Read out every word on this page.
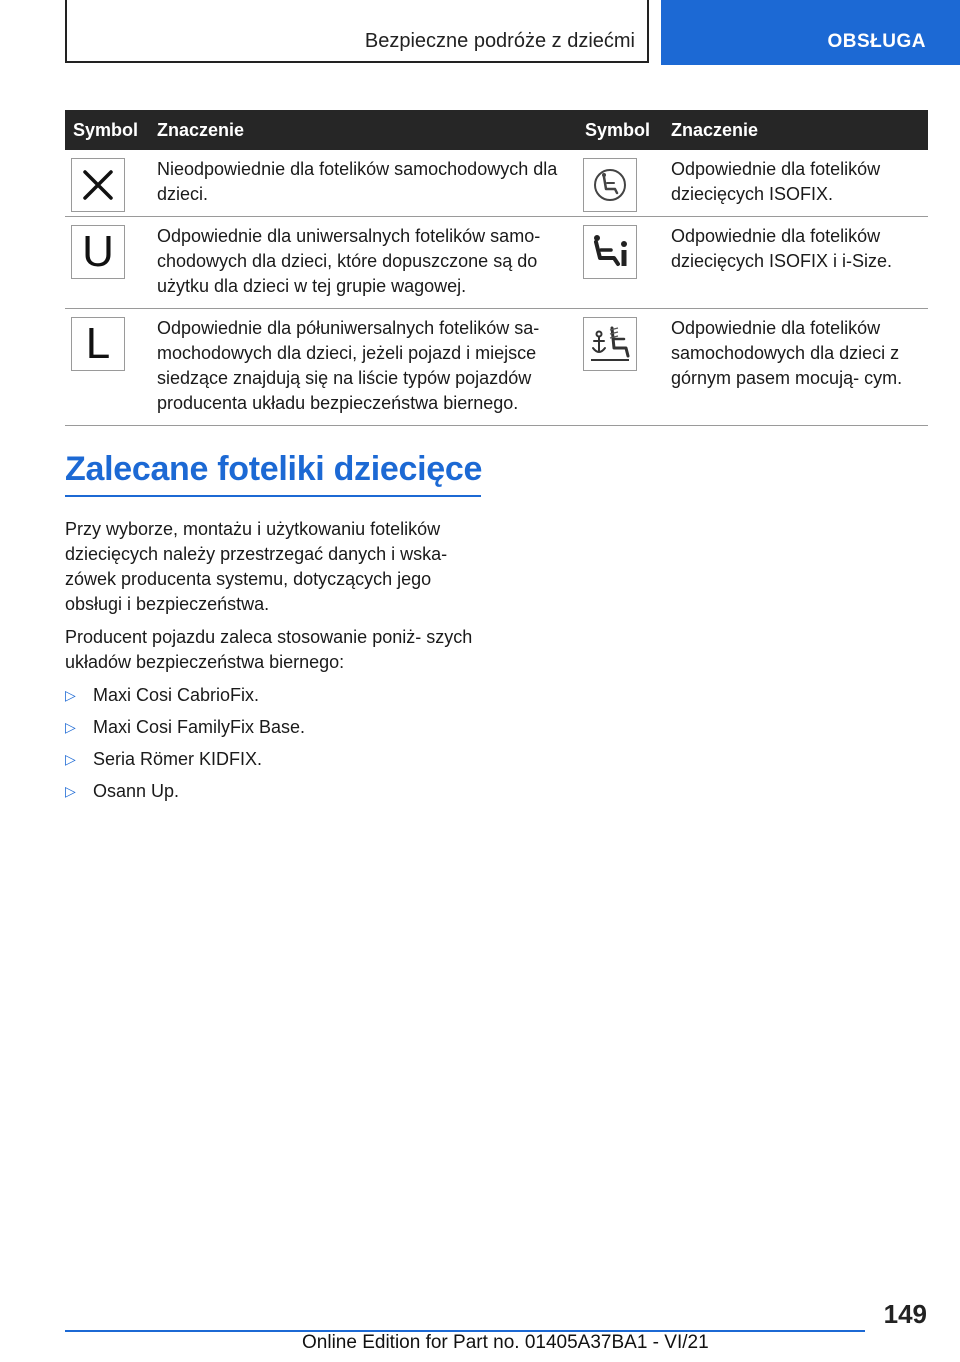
Bezpieczne podróże z dziećmi	OBSŁUGA
Symbol	Znaczenie	Symbol	Znaczenie

	Nieodpowiednie dla fotelików samochodowych dla dzieci.		Odpowiednie dla fotelików dziecięcych ISOFIX.

U	Odpowiednie dla uniwersalnych fotelików samo- chodowych dla dzieci, które dopuszczone są do użytku dla dzieci w tej grupie wagowej.		Odpowiednie dla fotelików dziecięcych ISOFIX i i-Size.

L	Odpowiednie dla półuniwersalnych fotelików sa- mochodowych dla dzieci, jeżeli pojazd i miejsce siedzące znajdują się na liście typów pojazdów producenta układu bezpieczeństwa biernego.		Odpowiednie dla fotelików samochodowych dla dzieci z górnym pasem mocują- cym.
Zalecane foteliki dziecięce

Przy wyborze, montażu i użytkowaniu fotelików dziecięcych należy przestrzegać danych i wska- zówek producenta systemu, dotyczących jego obsługi i bezpieczeństwa.

Producent pojazdu zaleca stosowanie poniż- szych układów bezpieczeństwa biernego:

▷ Maxi Cosi CabrioFix.
▷ Maxi Cosi FamilyFix Base.
▷ Seria Römer KIDFIX.
▷ Osann Up.
149
Online Edition for Part no. 01405A37BA1 - VI/21
